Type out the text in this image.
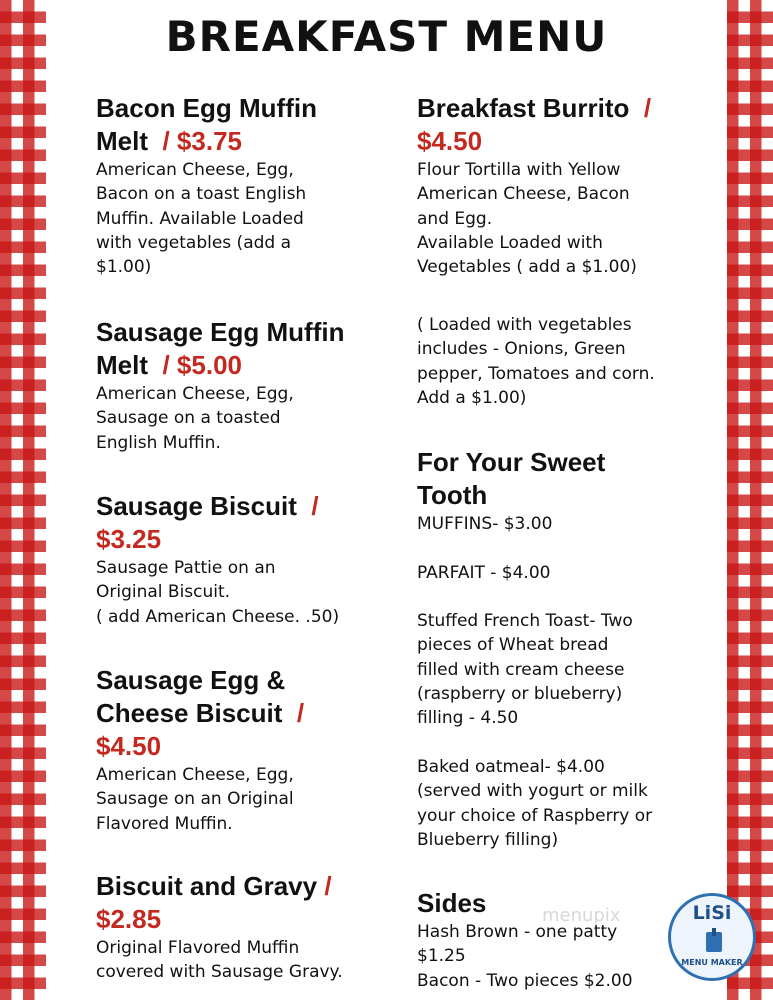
BREAKFAST MENU
Bacon Egg Muffin
Melt / $3.75
American Cheese, Egg,
Bacon on a toast English
Muffin. Available Loaded
with vegetables (add a
$1.00)
Sausage Egg Muffin
Melt / $5.00
American Cheese, Egg,
Sausage on a toasted
English Muffin.
Sausage Biscuit /
$3.25
Sausage Pattie on an
Original Biscuit.
( add American Cheese. .50)
Sausage Egg &
Cheese Biscuit /
$4.50
American Cheese, Egg,
Sausage on an Original
Flavored Muffin.
Biscuit and Gravy /
$2.85
Original Flavored Muffin
covered with Sausage Gravy.
Breakfast Burrito /
$4.50
Flour Tortilla with Yellow
American Cheese, Bacon
and Egg.
Available Loaded with
Vegetables ( add a $1.00)
( Loaded with vegetables
includes - Onions, Green
pepper, Tomatoes and corn.
Add a $1.00)
For Your Sweet
Tooth
MUFFINS- $3.00

PARFAIT - $4.00

Stuffed French Toast- Two
pieces of Wheat bread
filled with cream cheese
(raspberry or blueberry)
filling - 4.50

Baked oatmeal- $4.00
(served with yogurt or milk
your choice of Raspberry or
Blueberry filling)
Sides
Hash Brown - one patty
$1.25
Bacon - Two pieces $2.00
menupix	LiSi
MENU MAKER
